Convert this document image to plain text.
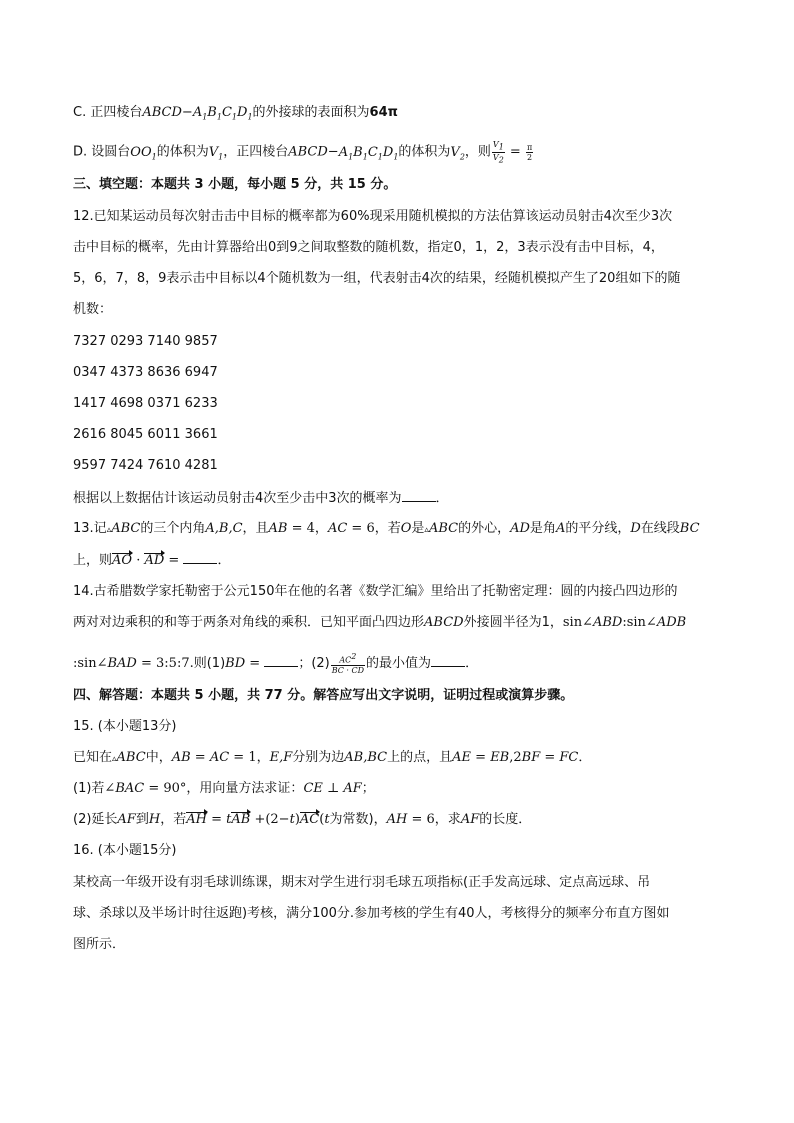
C. 正四棱台$ABCD-A_1B_1C_1D_1$的外接球的表面积为64π
D. 设圆台$OO_1$的体积为$V_1$，正四棱台$ABCD-A_1B_1C_1D_1$的体积为$V_2$，则 $\frac{V_1}{V_2} = \frac{\pi}{2}$
三、填空题：本题共 3 小题，每小题 5 分，共 15 分。
12.已知某运动员每次射击击中目标的概率都为60%现采用随机模拟的方法估算该运动员射击4次至少3次
击中目标的概率，先由计算器给出0到9之间取整数的随机数，指定0，1，2，3表示没有击中目标，4，
5，6，7，8，9表示击中目标以4个随机数为一组，代表射击4次的结果，经随机模拟产生了20组如下的随
机数：
7327 0293 7140 9857
0347 4373 8636 6947
1417 4698 0371 6233
2616 8045 6011 3661
9597 7424 7610 4281
根据以上数据估计该运动员射击4次至少击中3次的概率为	．
13.记▵ABC的三个内角A,B,C，且AB = 4，AC = 6，若O是▵ABC的外心，AD是角A的平分线，D在线段BC
上，则AO · AD =	．
14.古希腊数学家托勒密于公元150年在他的名著《数学汇编》里给出了托勒密定理：圆的内接凸四边形的
两对对边乘积的和等于两条对角线的乘积．已知平面凸四边形ABCD外接圆半径为1，sin∠ABD:sin∠ADB
:sin∠BAD = 3:5:7.则(1)BD =	；$(2) \frac{AC^2}{BC \cdot CD}$ 的最小值为	．
四、解答题：本题共 5 小题，共 77 分。解答应写出文字说明，证明过程或演算步骤。
15. (本小题13分)
已知在▵ABC中，AB = AC = 1，E,F分别为边AB,BC上的点，且AE = EB,2BF = FC．
(1)若∠BAC = 90°，用向量方法求证：CE ⊥ AF；
(2)延长AF到H，若AH = tAB +(2−t)AC(t为常数)，AH = 6，求AF的长度．
16. (本小题15分)
某校高一年级开设有羽毛球训练课，期末对学生进行羽毛球五项指标(正手发高远球、定点高远球、吊
球、杀球以及半场计时往返跑)考核，满分100分.参加考核的学生有40人，考核得分的频率分布直方图如
图所示．
